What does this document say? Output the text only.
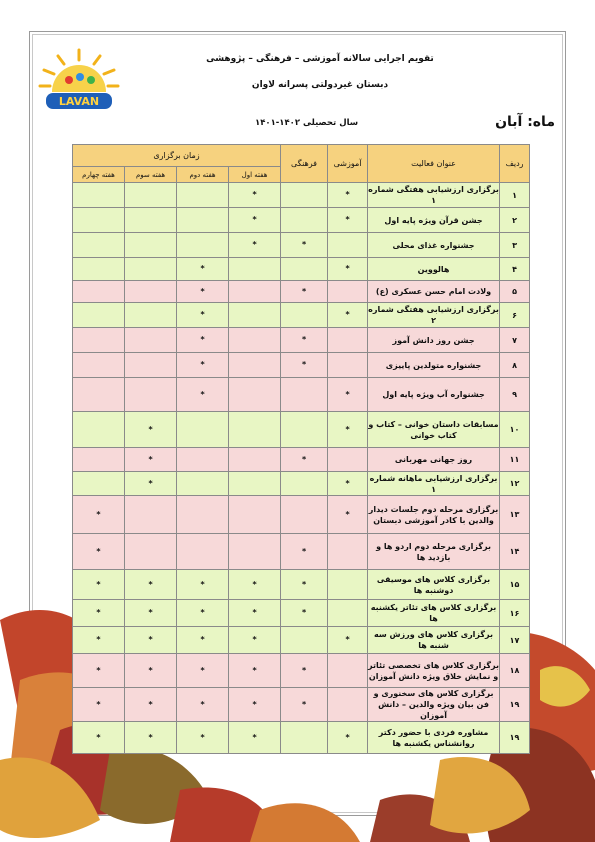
LAVAN
تقویم اجرایی سالانه آموزشی – فرهنگی – پژوهشی
دبستان غیردولتی پسرانه لاوان
ماه: آبان
سال تحصیلی ۱۴۰۲-۱۴۰۱
ردیف	عنوان فعالیت	آموزشی	فرهنگی	زمان برگزاری			
				هفته اول	هفته دوم	هفته سوم	هفته چهارم
۱	برگزاری ارزشیابی هفتگی شماره ۱	*		*			
۲	جشن قرآن ویژه پایه اول	*		*			
۳	جشنواره غذای محلی		*	*			
۴	هالووین	*			*		
۵	ولادت امام حسن عسکری (ع)		*		*		
۶	برگزاری ارزشیابی هفتگی شماره ۲	*			*		
۷	جشن روز دانش آموز		*		*		
۸	جشنواره متولدین پاییزی		*		*		
۹	جشنواره آب ویژه پایه اول	*			*		
۱۰	مسابقات داستان خوانی – کتاب و کتاب خوانی	*				*	
۱۱	روز جهانی مهربانی		*			*	
۱۲	برگزاری ارزشیابی ماهانه شماره ۱	*				*	
۱۳	برگزاری مرحله دوم جلسات دیدار والدین با کادر آموزشی دبستان	*					*
۱۴	برگزاری مرحله دوم اردو ها و بازدید ها		*				*
۱۵	برگزاری کلاس های موسیقی دوشنبه ها		*	*	*	*	*
۱۶	برگزاری کلاس های تئاتر یکشنبه ها		*	*	*	*	*
۱۷	برگزاری کلاس های ورزش سه شنبه ها	*		*	*	*	*
۱۸	برگزاری کلاس های تخصصی تئاتر و نمایش خلاق ویژه دانش آموزان		*	*	*	*	*
۱۹	برگزاری کلاس های سخنوری و فن بیان ویژه والدین – دانش آموزان		*	*	*	*	*
۱۹	مشاوره فردی با حضور دکتر روانشناس یکشنبه ها	*		*	*	*	*
